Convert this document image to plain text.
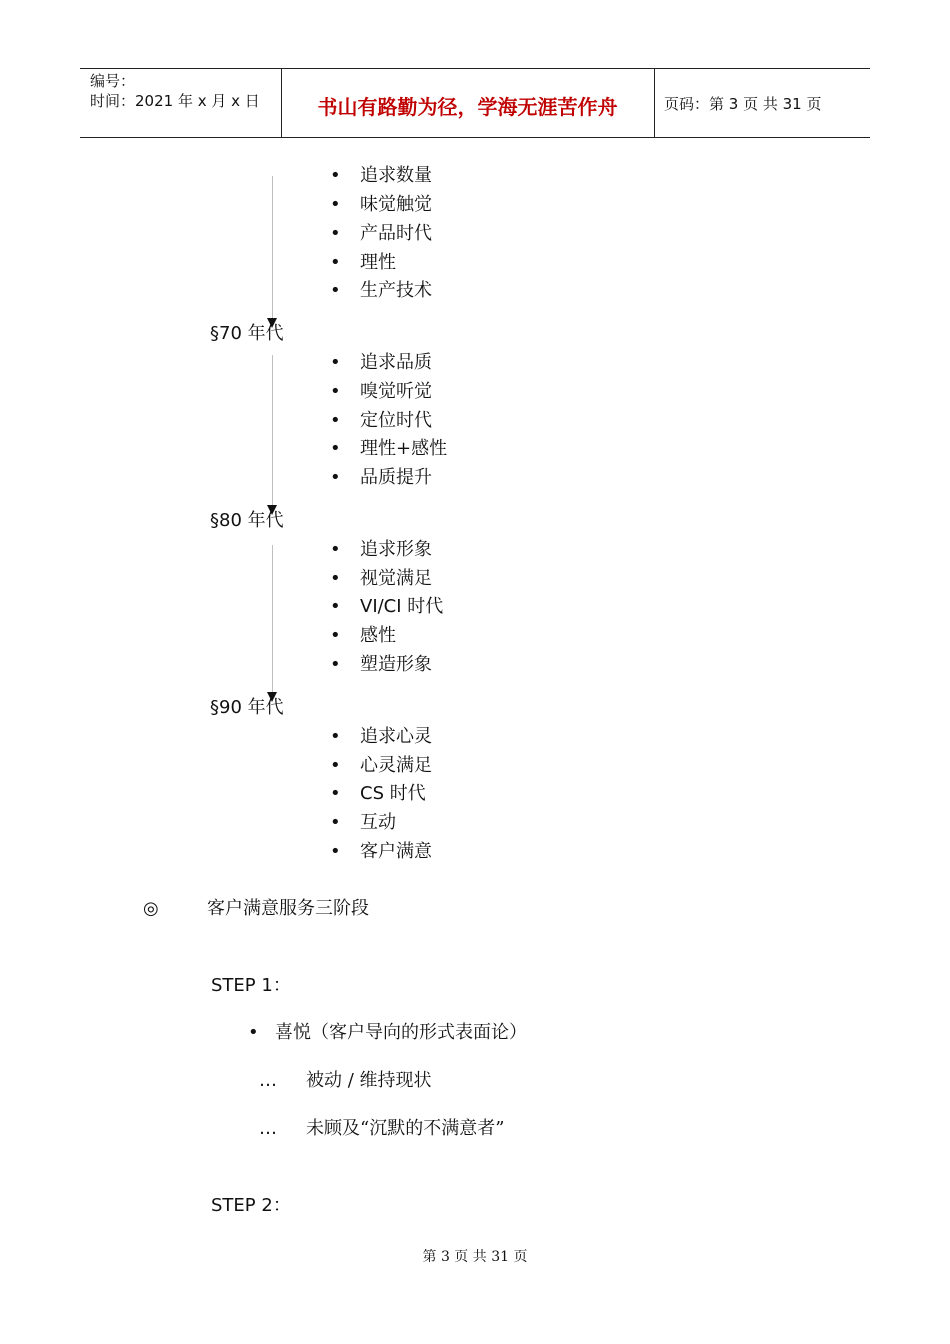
编号：
时间：2021 年 x 月 x 日	书山有路勤为径，学海无涯苦作舟	页码：第 3 页 共 31 页
• 追求数量
• 味觉触觉
• 产品时代
• 理性
• 生产技术
§70 年代
• 追求品质
• 嗅觉听觉
• 定位时代
• 理性+感性
• 品质提升
§80 年代
• 追求形象
• 视觉满足
• VI/CI 时代
• 感性
• 塑造形象
§90 年代
• 追求心灵
• 心灵满足
• CS 时代
• 互动
• 客户满意
◎	客户满意服务三阶段
STEP 1：
• 喜悦（客户导向的形式表面论）
… 被动 / 维持现状
… 未顾及“沉默的不满意者”
STEP 2：
第 3 页 共 31 页
